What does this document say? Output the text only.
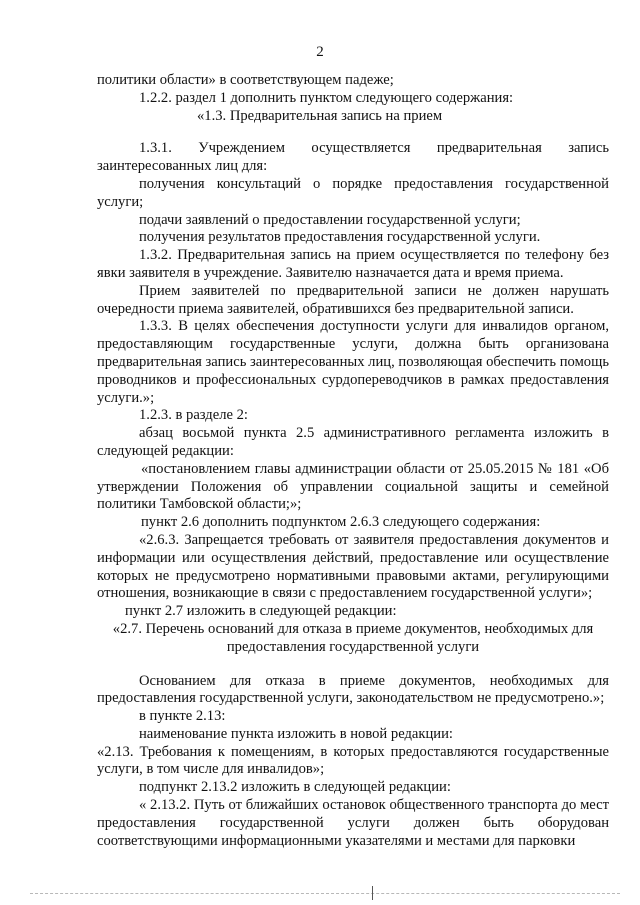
2

политики области» в соответствующем падеже;

1.2.2. раздел 1 дополнить пунктом следующего содержания:

«1.3. Предварительная запись на прием

1.3.1. Учреждением осуществляется предварительная запись заинтересованных лиц для:

получения консультаций о порядке предоставления государственной услуги;

подачи заявлений о предоставлении государственной услуги;

получения результатов предоставления государственной услуги.

1.3.2. Предварительная запись на прием осуществляется по телефону без явки заявителя в учреждение. Заявителю назначается дата и время приема.

Прием заявителей по предварительной записи не должен нарушать очередности приема заявителей, обратившихся без предварительной записи.

1.3.3. В целях обеспечения доступности услуги для инвалидов органом, предоставляющим государственные услуги, должна быть организована предварительная запись заинтересованных лиц, позволяющая обеспечить помощь проводников и профессиональных сурдопереводчиков в рамках предоставления услуги.»;

1.2.3. в разделе 2:

абзац восьмой пункта 2.5 административного регламента изложить в следующей редакции:

«постановлением главы администрации области от 25.05.2015 № 181 «Об утверждении Положения об управлении социальной защиты и семейной политики Тамбовской области;»;

пункт 2.6 дополнить подпунктом 2.6.3 следующего содержания:

«2.6.3. Запрещается требовать от заявителя предоставления документов и информации или осуществления действий, предоставление или осуществление которых не предусмотрено нормативными правовыми актами, регулирующими отношения, возникающие в связи с предоставлением государственной услуги»;

пункт 2.7 изложить в следующей редакции:

«2.7. Перечень оснований для отказа в приеме документов, необходимых для предоставления государственной услуги

Основанием для отказа в приеме документов, необходимых для предоставления государственной услуги, законодательством не предусмотрено.»;

в пункте 2.13:

наименование пункта изложить в новой редакции:

«2.13. Требования к помещениям, в которых предоставляются государственные услуги, в том числе для инвалидов»;

подпункт 2.13.2 изложить в следующей редакции:

« 2.13.2. Путь от ближайших остановок общественного транспорта до мест предоставления государственной услуги должен быть оборудован соответствующими информационными указателями и местами для парковки
